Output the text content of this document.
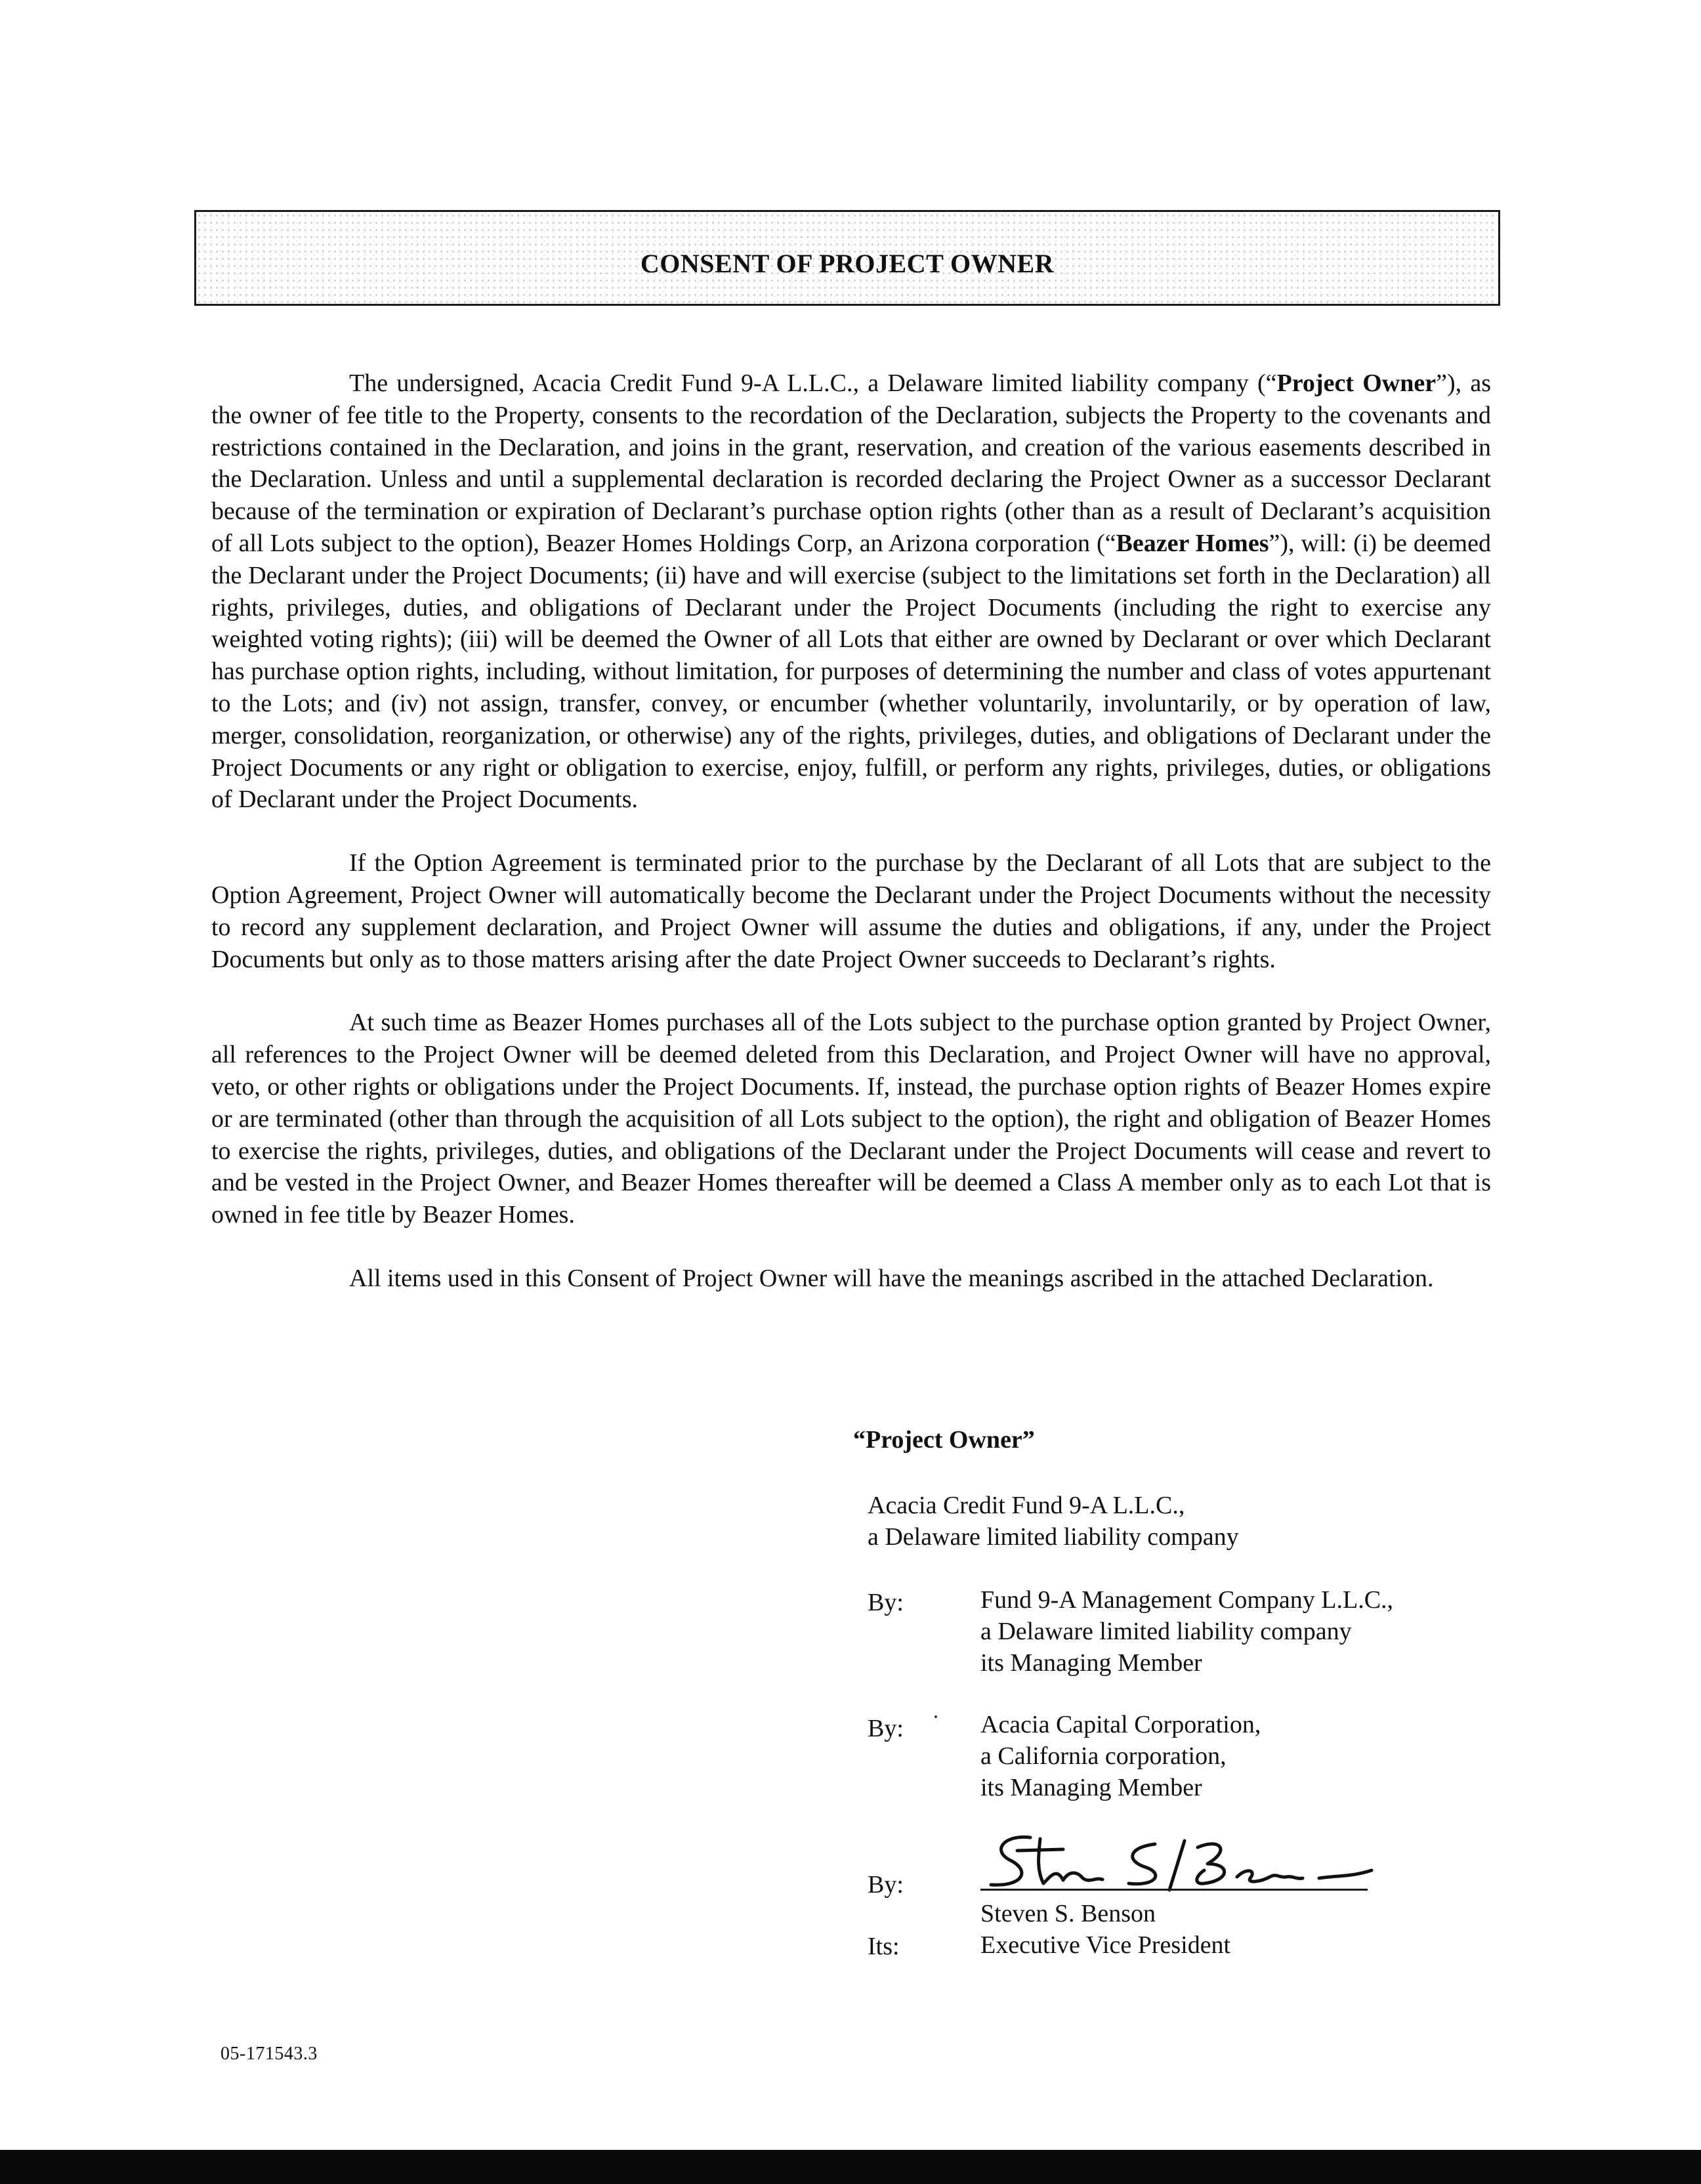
CONSENT OF PROJECT OWNER

The undersigned, Acacia Credit Fund 9-A L.L.C., a Delaware limited liability company (“Project Owner”), as the owner of fee title to the Property, consents to the recordation of the Declaration, subjects the Property to the covenants and restrictions contained in the Declaration, and joins in the grant, reservation, and creation of the various easements described in the Declaration. Unless and until a supplemental declaration is recorded declaring the Project Owner as a successor Declarant because of the termination or expiration of Declarant’s purchase option rights (other than as a result of Declarant’s acquisition of all Lots subject to the option), Beazer Homes Holdings Corp, an Arizona corporation (“Beazer Homes”), will: (i) be deemed the Declarant under the Project Documents; (ii) have and will exercise (subject to the limitations set forth in the Declaration) all rights, privileges, duties, and obligations of Declarant under the Project Documents (including the right to exercise any weighted voting rights); (iii) will be deemed the Owner of all Lots that either are owned by Declarant or over which Declarant has purchase option rights, including, without limitation, for purposes of determining the number and class of votes appurtenant to the Lots; and (iv) not assign, transfer, convey, or encumber (whether voluntarily, involuntarily, or by operation of law, merger, consolidation, reorganization, or otherwise) any of the rights, privileges, duties, and obligations of Declarant under the Project Documents or any right or obligation to exercise, enjoy, fulfill, or perform any rights, privileges, duties, or obligations of Declarant under the Project Documents.

If the Option Agreement is terminated prior to the purchase by the Declarant of all Lots that are subject to the Option Agreement, Project Owner will automatically become the Declarant under the Project Documents without the necessity to record any supplement declaration, and Project Owner will assume the duties and obligations, if any, under the Project Documents but only as to those matters arising after the date Project Owner succeeds to Declarant’s rights.

At such time as Beazer Homes purchases all of the Lots subject to the purchase option granted by Project Owner, all references to the Project Owner will be deemed deleted from this Declaration, and Project Owner will have no approval, veto, or other rights or obligations under the Project Documents. If, instead, the purchase option rights of Beazer Homes expire or are terminated (other than through the acquisition of all Lots subject to the option), the right and obligation of Beazer Homes to exercise the rights, privileges, duties, and obligations of the Declarant under the Project Documents will cease and revert to and be vested in the Project Owner, and Beazer Homes thereafter will be deemed a Class A member only as to each Lot that is owned in fee title by Beazer Homes.

All items used in this Consent of Project Owner will have the meanings ascribed in the attached Declaration.

“Project Owner”
Acacia Credit Fund 9-A L.L.C.,
a Delaware limited liability company
By:	Fund 9-A Management Company L.L.C.,
a Delaware limited liability company
its Managing Member
By:	Acacia Capital Corporation,
a California corporation,
its Managing Member
By:
Steven S. Benson
Executive Vice President
Its:
05-171543.3
